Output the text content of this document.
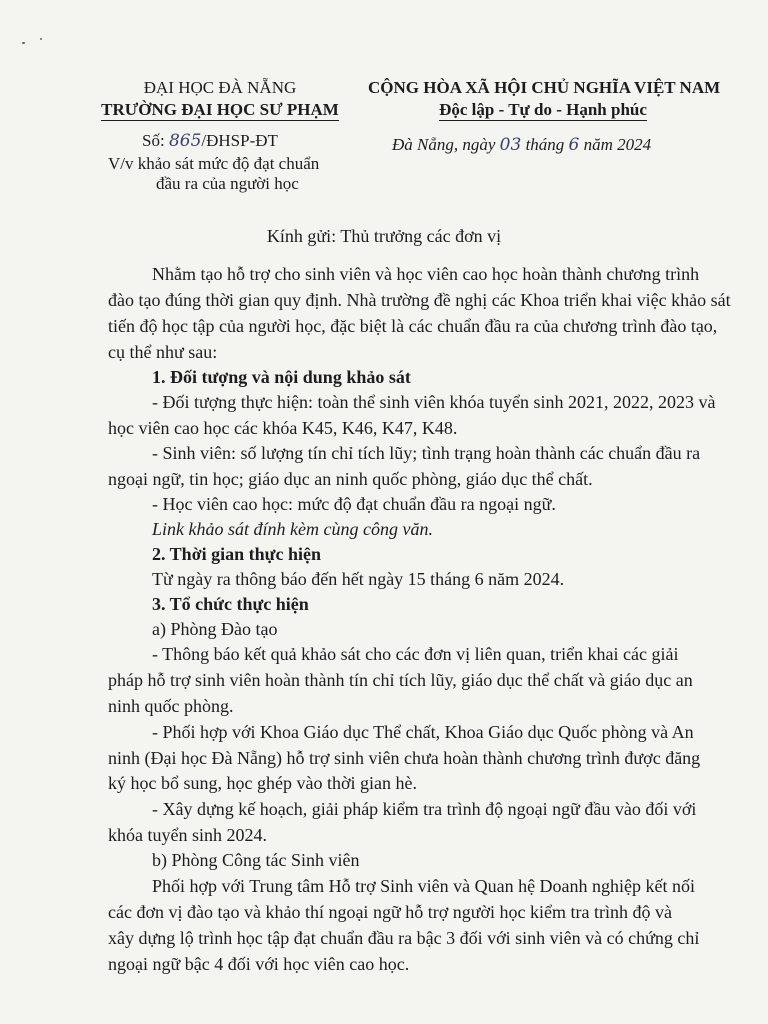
ĐẠI HỌC ĐÀ NẴNG
TRƯỜNG ĐẠI HỌC SƯ PHẠM
Số: 865/ĐHSP-ĐT
V/v khảo sát mức độ đạt chuẩn
đầu ra của người học
CỘNG HÒA XÃ HỘI CHỦ NGHĨA VIỆT NAM
Độc lập - Tự do - Hạnh phúc
Đà Nẵng, ngày 03 tháng 6 năm 2024
Kính gửi: Thủ trưởng các đơn vị
Nhằm tạo hỗ trợ cho sinh viên và học viên cao học hoàn thành chương trình
đào tạo đúng thời gian quy định. Nhà trường đề nghị các Khoa triển khai việc khảo sát
tiến độ học tập của người học, đặc biệt là các chuẩn đầu ra của chương trình đào tạo,
cụ thể như sau:
1. Đối tượng và nội dung khảo sát
- Đối tượng thực hiện: toàn thể sinh viên khóa tuyển sinh 2021, 2022, 2023 và
học viên cao học các khóa K45, K46, K47, K48.
- Sinh viên: số lượng tín chỉ tích lũy; tình trạng hoàn thành các chuẩn đầu ra
ngoại ngữ, tin học; giáo dục an ninh quốc phòng, giáo dục thể chất.
- Học viên cao học: mức độ đạt chuẩn đầu ra ngoại ngữ.
Link khảo sát đính kèm cùng công văn.
2. Thời gian thực hiện
Từ ngày ra thông báo đến hết ngày 15 tháng 6 năm 2024.
3. Tổ chức thực hiện
a) Phòng Đào tạo
- Thông báo kết quả khảo sát cho các đơn vị liên quan, triển khai các giải
pháp hỗ trợ sinh viên hoàn thành tín chỉ tích lũy, giáo dục thể chất và giáo dục an
ninh quốc phòng.
- Phối hợp với Khoa Giáo dục Thể chất, Khoa Giáo dục Quốc phòng và An
ninh (Đại học Đà Nẵng) hỗ trợ sinh viên chưa hoàn thành chương trình được đăng
ký học bổ sung, học ghép vào thời gian hè.
- Xây dựng kế hoạch, giải pháp kiểm tra trình độ ngoại ngữ đầu vào đối với
khóa tuyển sinh 2024.
b) Phòng Công tác Sinh viên
Phối hợp với Trung tâm Hỗ trợ Sinh viên và Quan hệ Doanh nghiệp kết nối
các đơn vị đào tạo và khảo thí ngoại ngữ hỗ trợ người học kiểm tra trình độ và
xây dựng lộ trình học tập đạt chuẩn đầu ra bậc 3 đối với sinh viên và có chứng chỉ
ngoại ngữ bậc 4 đối với học viên cao học.
